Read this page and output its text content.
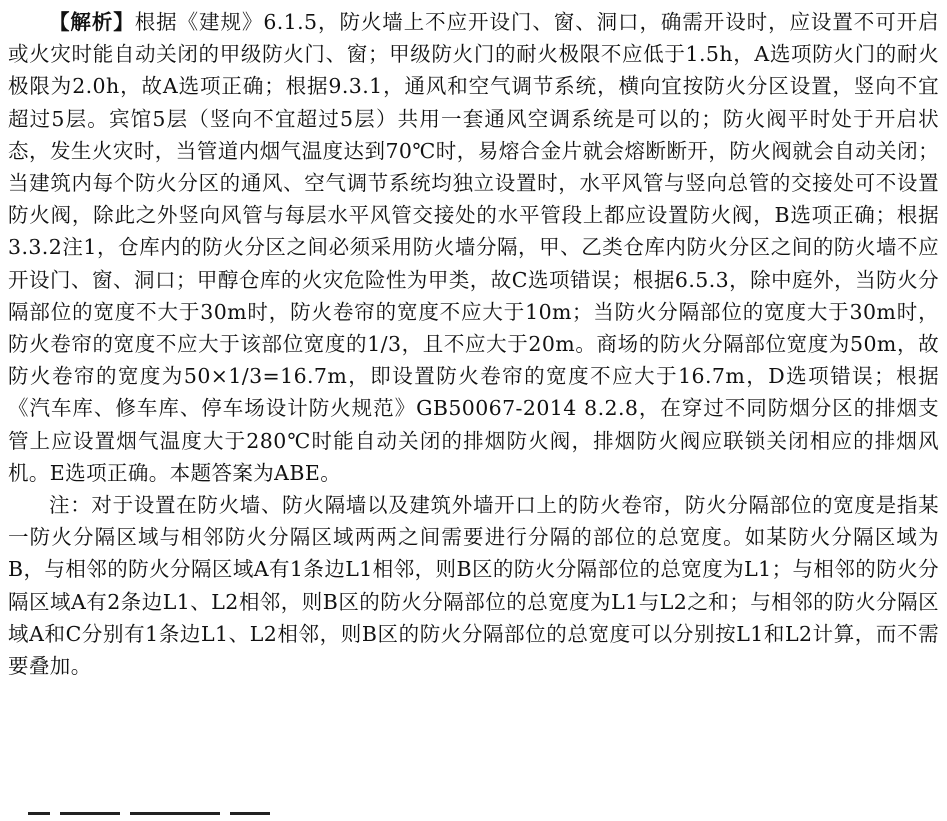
【解析】根据《建规》6.1.5，防火墙上不应开设门、窗、洞口，确需开设时，应设置不可开启或火灾时能自动关闭的甲级防火门、窗；甲级防火门的耐火极限不应低于1.5h，A选项防火门的耐火极限为2.0h，故A选项正确；根据9.3.1，通风和空气调节系统，横向宜按防火分区设置，竖向不宜超过5层。宾馆5层（竖向不宜超过5层）共用一套通风空调系统是可以的；防火阀平时处于开启状态，发生火灾时，当管道内烟气温度达到70℃时，易熔合金片就会熔断断开，防火阀就会自动关闭；当建筑内每个防火分区的通风、空气调节系统均独立设置时，水平风管与竖向总管的交接处可不设置防火阀，除此之外竖向风管与每层水平风管交接处的水平管段上都应设置防火阀，B选项正确；根据3.3.2注1，仓库内的防火分区之间必须采用防火墙分隔，甲、乙类仓库内防火分区之间的防火墙不应开设门、窗、洞口；甲醇仓库的火灾危险性为甲类，故C选项错误；根据6.5.3，除中庭外，当防火分隔部位的宽度不大于30m时，防火卷帘的宽度不应大于10m；当防火分隔部位的宽度大于30m时，防火卷帘的宽度不应大于该部位宽度的1/3，且不应大于20m。商场的防火分隔部位宽度为50m，故防火卷帘的宽度为50×1/3=16.7m，即设置防火卷帘的宽度不应大于16.7m，D选项错误；根据《汽车库、修车库、停车场设计防火规范》GB50067-2014 8.2.8，在穿过不同防烟分区的排烟支管上应设置烟气温度大于280℃时能自动关闭的排烟防火阀，排烟防火阀应联锁关闭相应的排烟风机。E选项正确。本题答案为ABE。

注：对于设置在防火墙、防火隔墙以及建筑外墙开口上的防火卷帘，防火分隔部位的宽度是指某一防火分隔区域与相邻防火分隔区域两两之间需要进行分隔的部位的总宽度。如某防火分隔区域为B，与相邻的防火分隔区域A有1条边L1相邻，则B区的防火分隔部位的总宽度为L1；与相邻的防火分隔区域A有2条边L1、L2相邻，则B区的防火分隔部位的总宽度为L1与L2之和；与相邻的防火分隔区域A和C分别有1条边L1、L2相邻，则B区的防火分隔部位的总宽度可以分别按L1和L2计算，而不需要叠加。
